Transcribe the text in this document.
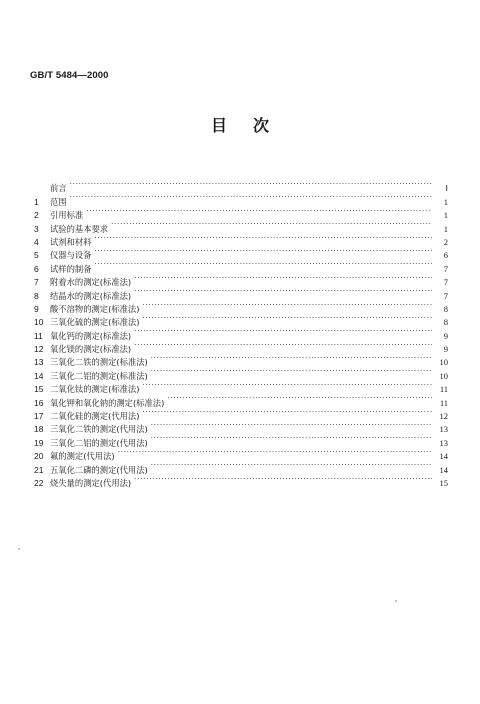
GB/T 5484—2000
目次
前言 ·····	Ⅰ
1	范围 ·····	1
2	引用标准 ·····	1
3	试验的基本要求 ·····	1
4	试剂和材料 ·····	2
5	仪器与设备 ·····	6
6	试样的制备 ·····	7
7	附着水的测定(标准法) ·····	7
8	结晶水的测定(标准法) ·····	7
9	酸不溶物的测定(标准法) ·····	8
10 三氧化硫的测定(标准法) ·····	8
11 氧化钙的测定(标准法) ·····	9
12 氧化镁的测定(标准法) ·····	9
13 三氧化二铁的测定(标准法) ·····	10
14 三氧化二铝的测定(标准法) ·····	10
15 二氧化钛的测定(标准法) ·····	11
16 氧化钾和氧化钠的测定(标准法) ·····	11
17 二氧化硅的测定(代用法) ·····	12
18 三氧化二铁的测定(代用法) ·····	13
19 三氧化二铝的测定(代用法) ·····	13
20 氟的测定(代用法) ·····	14
21 五氧化二磷的测定(代用法) ·····	14
22 烧失量的测定(代用法) ·····	15
